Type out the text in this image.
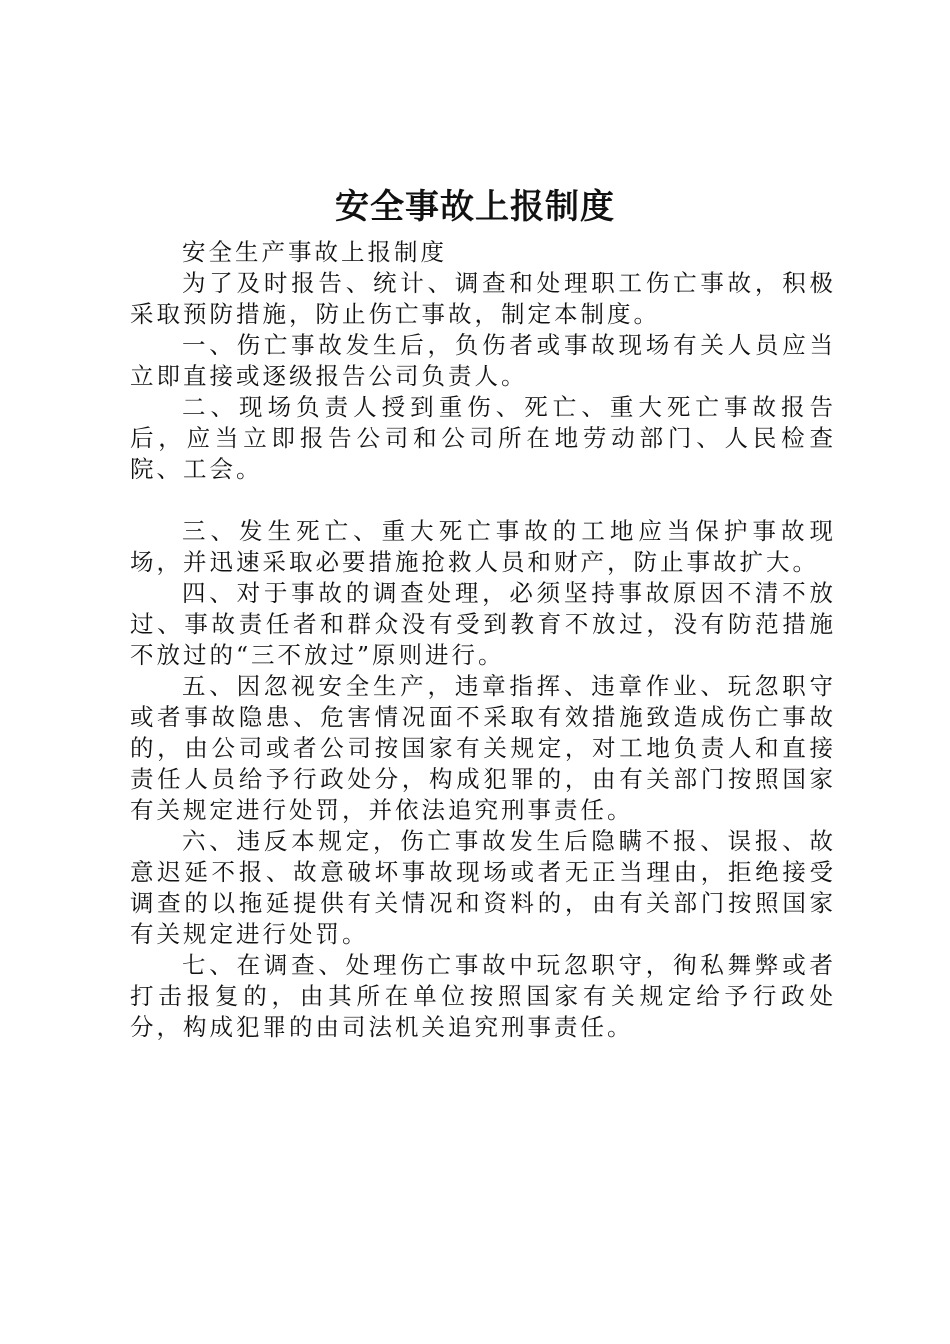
安全事故上报制度

安全生产事故上报制度

为了及时报告、统计、调查和处理职工伤亡事故，积极采取预防措施，防止伤亡事故，制定本制度。

一、伤亡事故发生后，负伤者或事故现场有关人员应当立即直接或逐级报告公司负责人。

二、现场负责人授到重伤、死亡、重大死亡事故报告后，应当立即报告公司和公司所在地劳动部门、人民检查院、工会。

三、发生死亡、重大死亡事故的工地应当保护事故现场，并迅速采取必要措施抢救人员和财产，防止事故扩大。

四、对于事故的调查处理，必须坚持事故原因不清不放过、事故责任者和群众没有受到教育不放过，没有防范措施不放过的“三不放过”原则进行。

五、因忽视安全生产，违章指挥、违章作业、玩忽职守或者事故隐患、危害情况面不采取有效措施致造成伤亡事故的，由公司或者公司按国家有关规定，对工地负责人和直接责任人员给予行政处分，构成犯罪的，由有关部门按照国家有关规定进行处罚，并依法追究刑事责任。

六、违反本规定，伤亡事故发生后隐瞒不报、误报、故意迟延不报、故意破坏事故现场或者无正当理由，拒绝接受调查的以拖延提供有关情况和资料的，由有关部门按照国家有关规定进行处罚。

七、在调查、处理伤亡事故中玩忽职守，徇私舞弊或者打击报复的，由其所在单位按照国家有关规定给予行政处分，构成犯罪的由司法机关追究刑事责任。
